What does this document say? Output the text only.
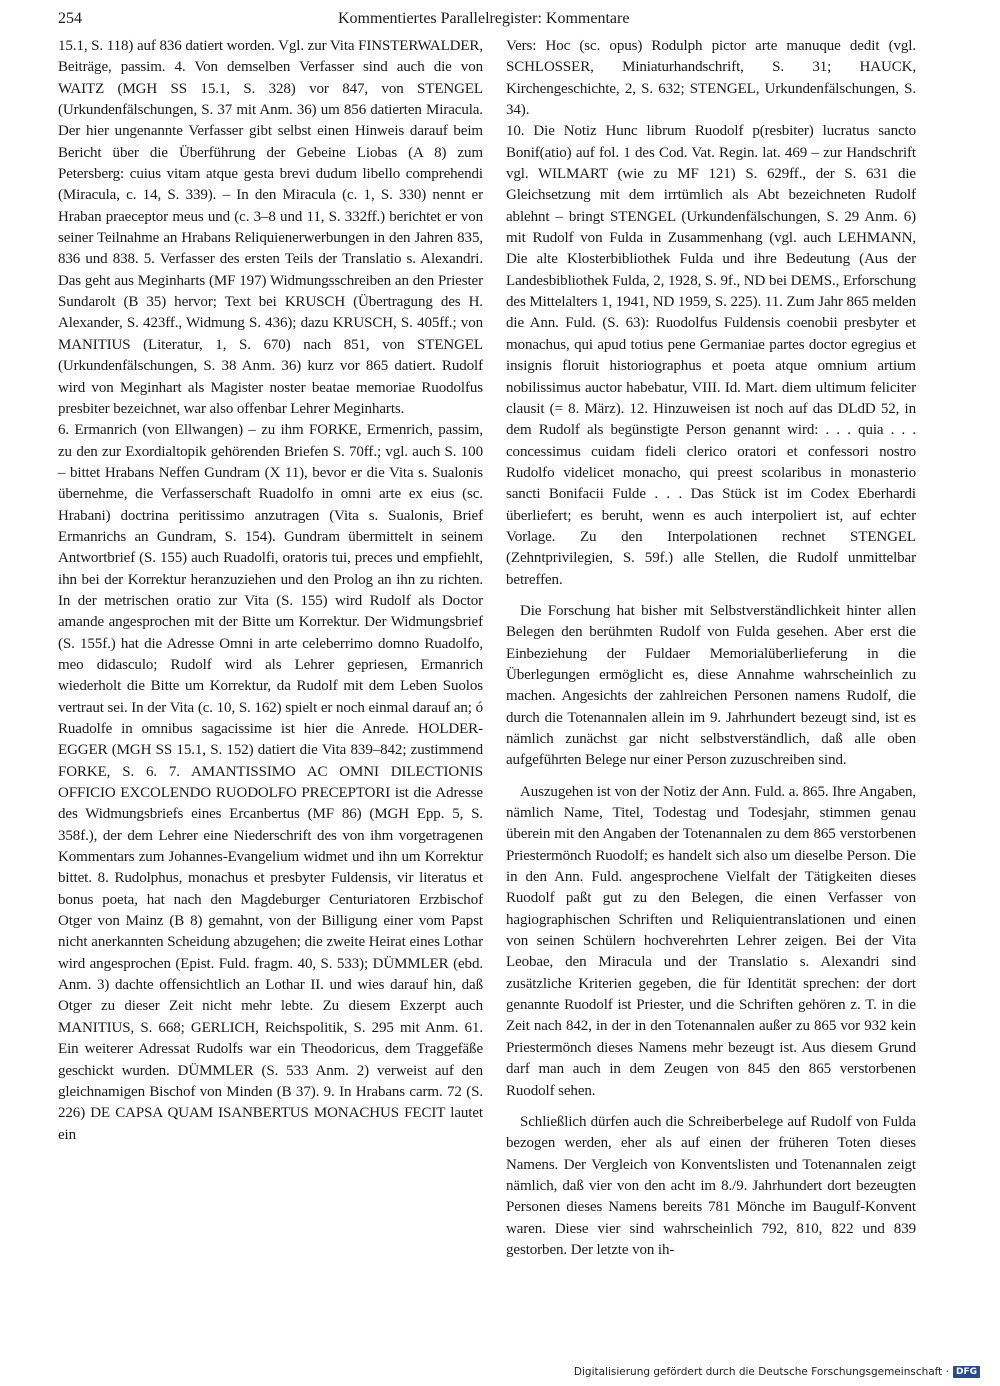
254	Kommentiertes Parallelregister: Kommentare

15.1, S. 118) auf 836 datiert worden. Vgl. zur Vita FINSTERWALDER, Beiträge, passim. 4. Von demselben Verfasser sind auch die von WAITZ (MGH SS 15.1, S. 328) vor 847, von STENGEL (Urkundenfälschungen, S. 37 mit Anm. 36) um 856 datierten Miracula. Der hier ungenannte Verfasser gibt selbst einen Hinweis darauf beim Bericht über die Überführung der Gebeine Liobas (A 8) zum Petersberg: cuius vitam atque gesta brevi dudum libello comprehendi (Miracula, c. 14, S. 339). – In den Miracula (c. 1, S. 330) nennt er Hraban praeceptor meus und (c. 3–8 und 11, S. 332ff.) berichtet er von seiner Teilnahme an Hrabans Reliquienerwerbungen in den Jahren 835, 836 und 838. 5. Verfasser des ersten Teils der Translatio s. Alexandri. Das geht aus Meginharts (MF 197) Widmungsschreiben an den Priester Sundarolt (B 35) hervor; Text bei KRUSCH (Übertragung des H. Alexander, S. 423ff., Widmung S. 436); dazu KRUSCH, S. 405ff.; von MANITIUS (Literatur, 1, S. 670) nach 851, von STENGEL (Urkundenfälschungen, S. 38 Anm. 36) kurz vor 865 datiert. Rudolf wird von Meginhart als Magister noster beatae memoriae Ruodolfus presbiter bezeichnet, war also offenbar Lehrer Meginharts.

6. Ermanrich (von Ellwangen) – zu ihm FORKE, Ermenrich, passim, zu den zur Exordialtopik gehörenden Briefen S. 70ff.; vgl. auch S. 100 – bittet Hrabans Neffen Gundram (X 11), bevor er die Vita s. Sualonis übernehme, die Verfasserschaft Ruadolfo in omni arte ex eius (sc. Hrabani) doctrina peritissimo anzutragen (Vita s. Sualonis, Brief Ermanrichs an Gundram, S. 154). Gundram übermittelt in seinem Antwortbrief (S. 155) auch Ruadolfi, oratoris tui, preces und empfiehlt, ihn bei der Korrektur heranzuziehen und den Prolog an ihn zu richten. In der metrischen oratio zur Vita (S. 155) wird Rudolf als Doctor amande angesprochen mit der Bitte um Korrektur. Der Widmungsbrief (S. 155f.) hat die Adresse Omni in arte celeberrimo domno Ruadolfo, meo didasculo; Rudolf wird als Lehrer gepriesen, Ermanrich wiederholt die Bitte um Korrektur, da Rudolf mit dem Leben Suolos vertraut sei. In der Vita (c. 10, S. 162) spielt er noch einmal darauf an; ó Ruadolfe in omnibus sagacissime ist hier die Anrede. HOLDER-EGGER (MGH SS 15.1, S. 152) datiert die Vita 839–842; zustimmend FORKE, S. 6. 7. AMANTISSIMO AC OMNI DILECTIONIS OFFICIO EXCOLENDO RUODOLFO PRECEPTORI ist die Adresse des Widmungsbriefs eines Ercanbertus (MF 86) (MGH Epp. 5, S. 358f.), der dem Lehrer eine Niederschrift des von ihm vorgetragenen Kommentars zum Johannes-Evangelium widmet und ihn um Korrektur bittet. 8. Rudolphus, monachus et presbyter Fuldensis, vir literatus et bonus poeta, hat nach den Magdeburger Centuriatoren Erzbischof Otger von Mainz (B 8) gemahnt, von der Billigung einer vom Papst nicht anerkannten Scheidung abzugehen; die zweite Heirat eines Lothar wird angesprochen (Epist. Fuld. fragm. 40, S. 533); DÜMMLER (ebd. Anm. 3) dachte offensichtlich an Lothar II. und wies darauf hin, daß Otger zu dieser Zeit nicht mehr lebte. Zu diesem Exzerpt auch MANITIUS, S. 668; GERLICH, Reichspolitik, S. 295 mit Anm. 61. Ein weiterer Adressat Rudolfs war ein Theodoricus, dem Traggefäße geschickt wurden. DÜMMLER (S. 533 Anm. 2) verweist auf den gleichnamigen Bischof von Minden (B 37). 9. In Hrabans carm. 72 (S. 226) DE CAPSA QUAM ISANBERTUS MONACHUS FECIT lautet ein

Vers: Hoc (sc. opus) Rodulph pictor arte manuque dedit (vgl. SCHLOSSER, Miniaturhandschrift, S. 31; HAUCK, Kirchengeschichte, 2, S. 632; STENGEL, Urkundenfälschungen, S. 34).

10. Die Notiz Hunc librum Ruodolf p(resbiter) lucratus sancto Bonif(atio) auf fol. 1 des Cod. Vat. Regin. lat. 469 – zur Handschrift vgl. WILMART (wie zu MF 121) S. 629ff., der S. 631 die Gleichsetzung mit dem irrtümlich als Abt bezeichneten Rudolf ablehnt – bringt STENGEL (Urkundenfälschungen, S. 29 Anm. 6) mit Rudolf von Fulda in Zusammenhang (vgl. auch LEHMANN, Die alte Klosterbibliothek Fulda und ihre Bedeutung (Aus der Landesbibliothek Fulda, 2, 1928, S. 9f., ND bei DEMS., Erforschung des Mittelalters 1, 1941, ND 1959, S. 225). 11. Zum Jahr 865 melden die Ann. Fuld. (S. 63): Ruodolfus Fuldensis coenobii presbyter et monachus, qui apud totius pene Germaniae partes doctor egregius et insignis floruit historiographus et poeta atque omnium artium nobilissimus auctor habebatur, VIII. Id. Mart. diem ultimum feliciter clausit (= 8. März). 12. Hinzuweisen ist noch auf das DLdD 52, in dem Rudolf als begünstigte Person genannt wird: . . . quia . . . concessimus cuidam fideli clerico oratori et confessori nostro Rudolfo videlicet monacho, qui preest scolaribus in monasterio sancti Bonifacii Fulde . . . Das Stück ist im Codex Eberhardi überliefert; es beruht, wenn es auch interpoliert ist, auf echter Vorlage. Zu den Interpolationen rechnet STENGEL (Zehntprivilegien, S. 59f.) alle Stellen, die Rudolf unmittelbar betreffen.

Die Forschung hat bisher mit Selbstverständlichkeit hinter allen Belegen den berühmten Rudolf von Fulda gesehen. Aber erst die Einbeziehung der Fuldaer Memorialüberlieferung in die Überlegungen ermöglicht es, diese Annahme wahrscheinlich zu machen. Angesichts der zahlreichen Personen namens Rudolf, die durch die Totenannalen allein im 9. Jahrhundert bezeugt sind, ist es nämlich zunächst gar nicht selbstverständlich, daß alle oben aufgeführten Belege nur einer Person zuzuschreiben sind.

Auszugehen ist von der Notiz der Ann. Fuld. a. 865. Ihre Angaben, nämlich Name, Titel, Todestag und Todesjahr, stimmen genau überein mit den Angaben der Totenannalen zu dem 865 verstorbenen Priestermönch Ruodolf; es handelt sich also um dieselbe Person. Die in den Ann. Fuld. angesprochene Vielfalt der Tätigkeiten dieses Ruodolf paßt gut zu den Belegen, die einen Verfasser von hagiographischen Schriften und Reliquientranslationen und einen von seinen Schülern hochverehrten Lehrer zeigen. Bei der Vita Leobae, den Miracula und der Translatio s. Alexandri sind zusätzliche Kriterien gegeben, die für Identität sprechen: der dort genannte Ruodolf ist Priester, und die Schriften gehören z. T. in die Zeit nach 842, in der in den Totenannalen außer zu 865 vor 932 kein Priestermönch dieses Namens mehr bezeugt ist. Aus diesem Grund darf man auch in dem Zeugen von 845 den 865 verstorbenen Ruodolf sehen.

Schließlich dürfen auch die Schreiberbelege auf Rudolf von Fulda bezogen werden, eher als auf einen der früheren Toten dieses Namens. Der Vergleich von Konventslisten und Totenannalen zeigt nämlich, daß vier von den acht im 8./9. Jahrhundert dort bezeugten Personen dieses Namens bereits 781 Mönche im Baugulf-Konvent waren. Diese vier sind wahrscheinlich 792, 810, 822 und 839 gestorben. Der letzte von ih-

Digitalisierung gefördert durch die Deutsche Forschungsgemeinschaft · DFG
